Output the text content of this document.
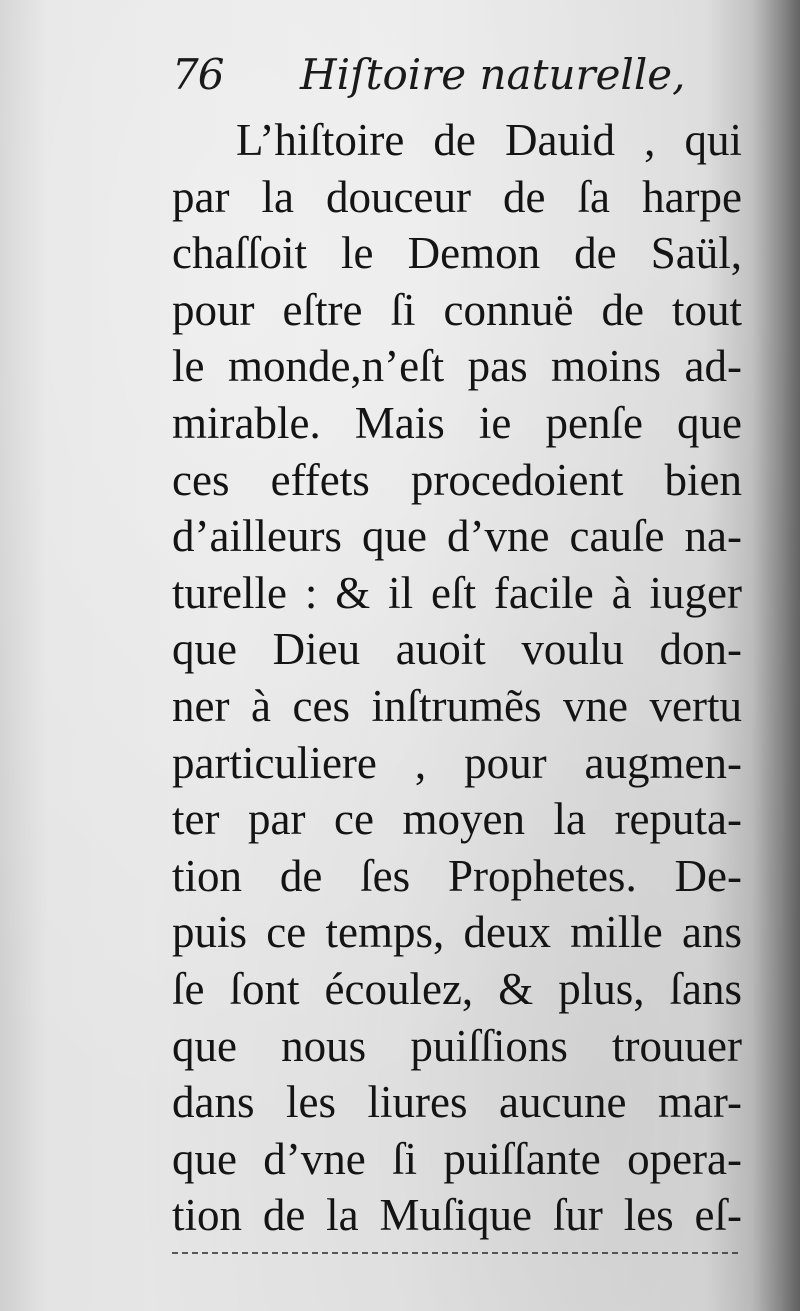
76 Hiſtoire naturelle,
L’hiſtoire de Dauid , qui
par la douceur de ſa harpe
chaſſoit le Demon de Saül,
pour eſtre ſi connuë de tout
le monde,n’eſt pas moins ad-
mirable. Mais ie penſe que
ces effets procedoient bien
d’ailleurs que d’vne cauſe na-
turelle : & il eſt facile à iuger
que Dieu auoit voulu don-
ner à ces inſtrumẽs vne vertu
particuliere , pour augmen-
ter par ce moyen la reputa-
tion de ſes Prophetes. De-
puis ce temps, deux mille ans
ſe ſont écoulez, & plus, ſans
que nous puiſſions trouuer
dans les liures aucune mar-
que d’vne ſi puiſſante opera-
tion de la Muſique ſur les eſ-
